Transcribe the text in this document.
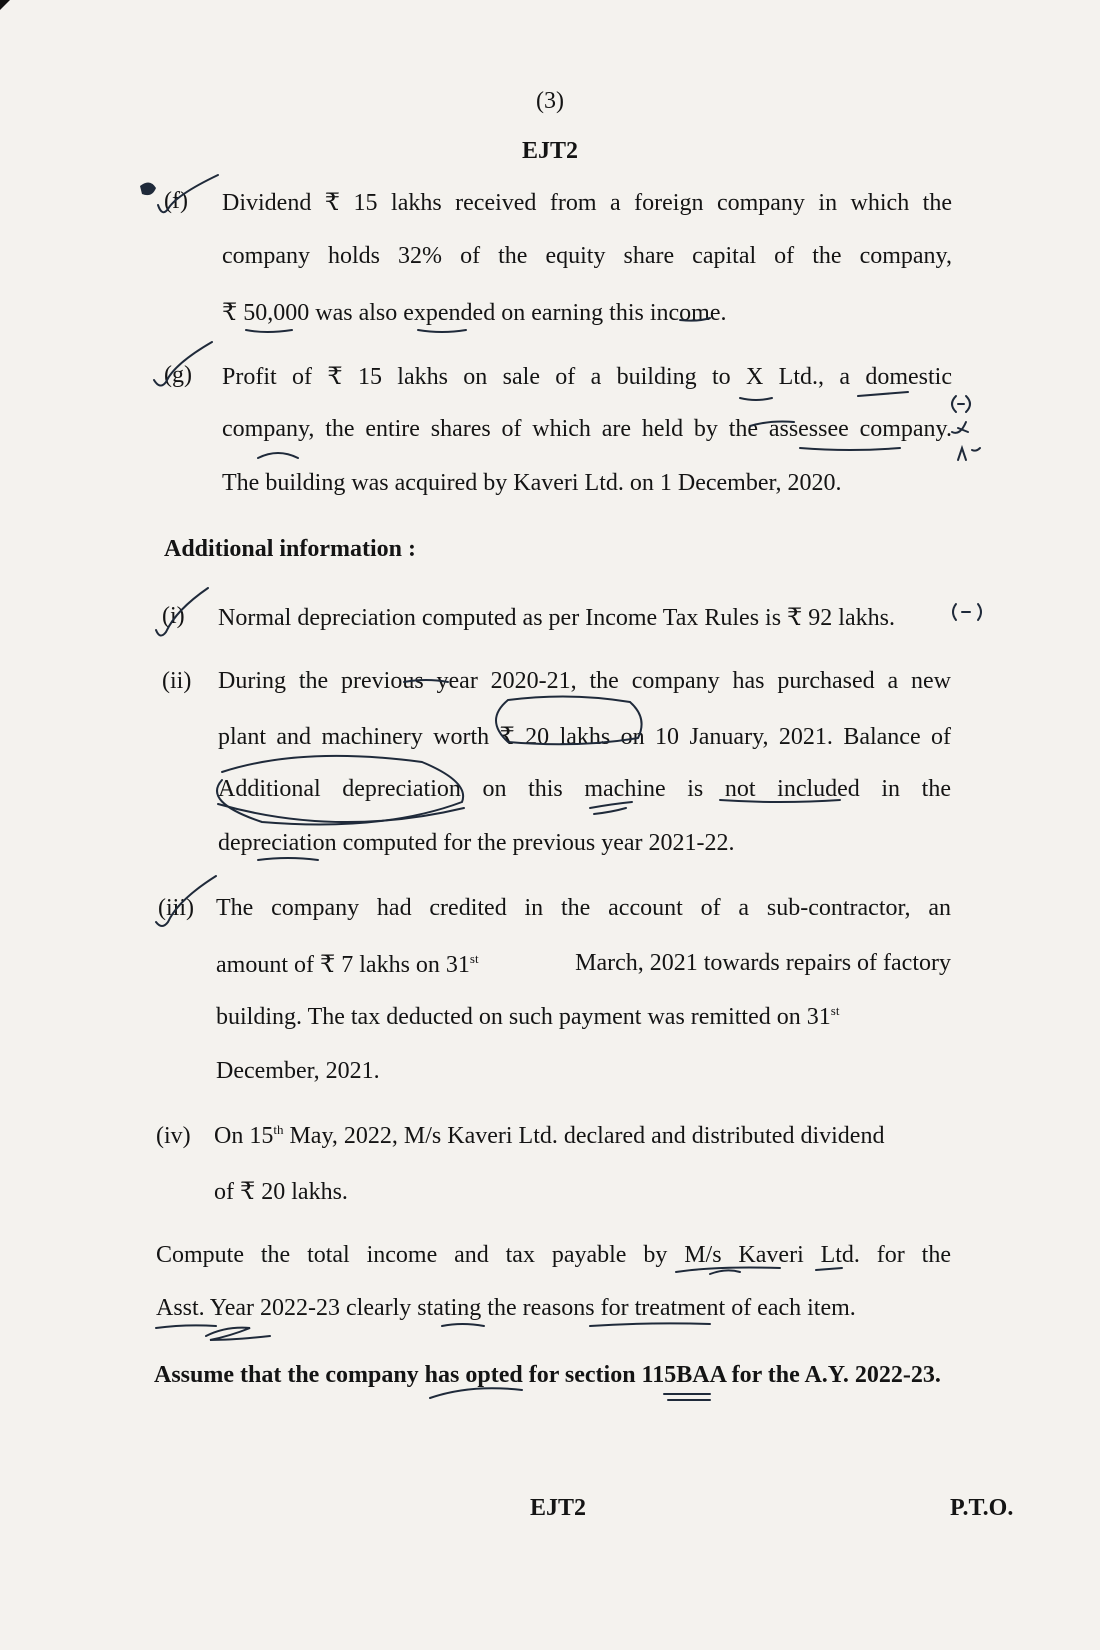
(3)
EJT2
(f) Dividend ₹ 15 lakhs received from a foreign company in which the
company holds 32% of the equity share capital of the company,
₹ 50,000 was also expended on earning this income.
(g) Profit of ₹ 15 lakhs on sale of a building to X Ltd., a domestic
company, the entire shares of which are held by the assessee company.
The building was acquired by Kaveri Ltd. on 1 December, 2020.
Additional information :
(i) Normal depreciation computed as per Income Tax Rules is ₹ 92 lakhs.
(ii) During the previous year 2020-21, the company has purchased a new
plant and machinery worth ₹ 20 lakhs on 10 January, 2021. Balance of
Additional depreciation on this machine is not included in the
depreciation computed for the previous year 2021-22.
(iii) The company had credited in the account of a sub-contractor, an
amount of ₹ 7 lakhs on 31st	March, 2021 towards repairs of factory
building. The tax deducted on such payment was remitted on 31st
December, 2021.
(iv) On 15th May, 2022, M/s Kaveri Ltd. declared and distributed dividend
of ₹ 20 lakhs.
Compute the total income and tax payable by M/s Kaveri Ltd. for the
Asst. Year 2022-23 clearly stating the reasons for treatment of each item.
Assume that the company has opted for section 115BAA for the A.Y. 2022-23.
EJT2	P.T.O.
